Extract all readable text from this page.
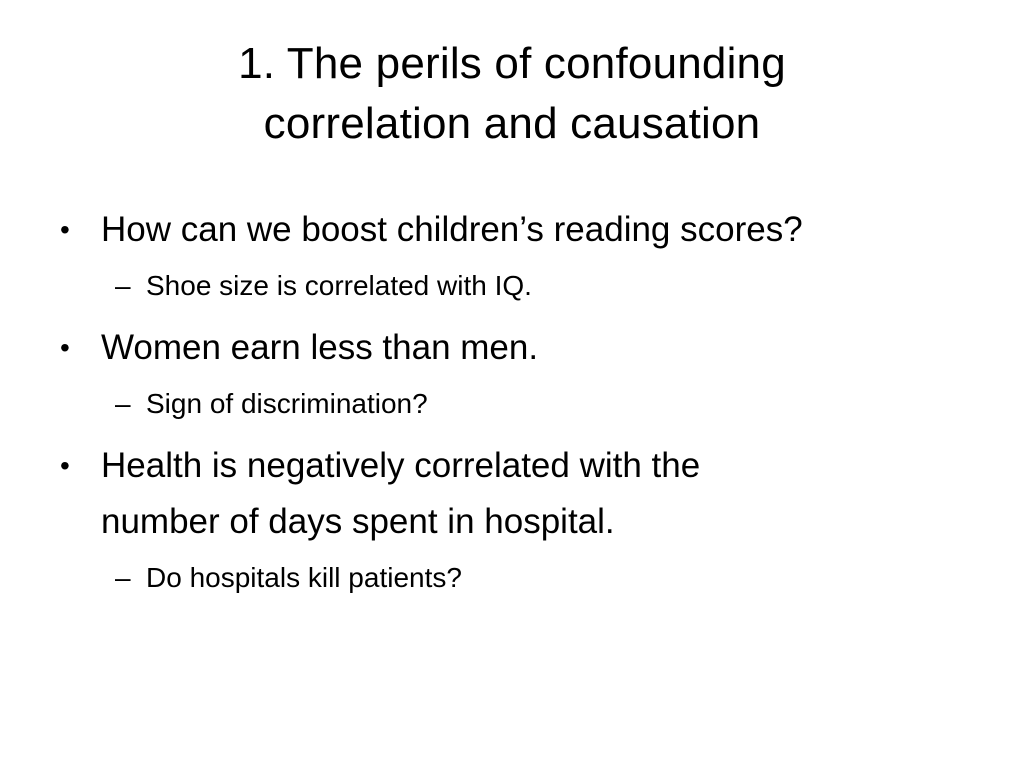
1. The perils of confounding
correlation and causation
• How can we boost children’s reading scores?
– Shoe size is correlated with IQ.
• Women earn less than men.
– Sign of discrimination?
• Health is negatively correlated with the
number of days spent in hospital.
– Do hospitals kill patients?
